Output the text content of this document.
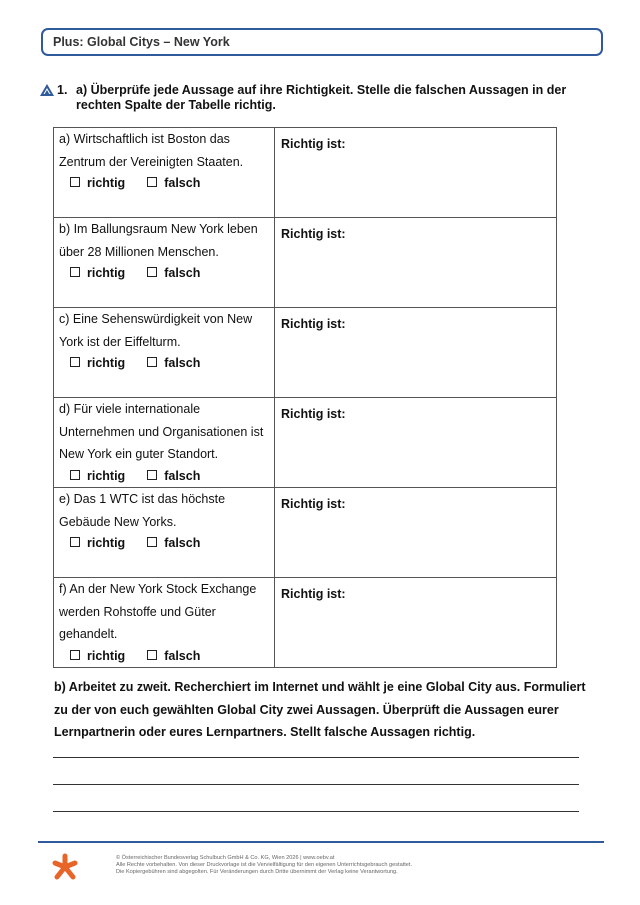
Plus: Global Citys – New York
1. a) Überprüfe jede Aussage auf ihre Richtigkeit. Stelle die falschen Aussagen in der rechten Spalte der Tabelle richtig.
a) Wirtschaftlich ist Boston das Zentrum der Vereinigten Staaten.
richtig falsch	Richtig ist:

b) Im Ballungsraum New York leben über 28 Millionen Menschen.
richtig falsch	Richtig ist:

c) Eine Sehenswürdigkeit von New York ist der Eiffelturm.
richtig falsch	Richtig ist:

d) Für viele internationale Unternehmen und Organisationen ist New York ein guter Standort.
richtig falsch	Richtig ist:

e) Das 1 WTC ist das höchste Gebäude New Yorks.
richtig falsch	Richtig ist:

f) An der New York Stock Exchange werden Rohstoffe und Güter gehandelt.
richtig falsch	Richtig ist:
b) Arbeitet zu zweit. Recherchiert im Internet und wählt je eine Global City aus. Formuliert zu der von euch gewählten Global City zwei Aussagen. Überprüft die Aussagen eurer Lernpartnerin oder eures Lernpartners. Stellt falsche Aussagen richtig.
© Österreichischer Bundesverlag Schulbuch GmbH & Co. KG, Wien 2026 | www.oebv.at
Alle Rechte vorbehalten. Von dieser Druckvorlage ist die Vervielfältigung für den eigenen Unterrichtsgebrauch gestattet.
Die Kopiergebühren sind abgegolten. Für Veränderungen durch Dritte übernimmt der Verlag keine Verantwortung.
